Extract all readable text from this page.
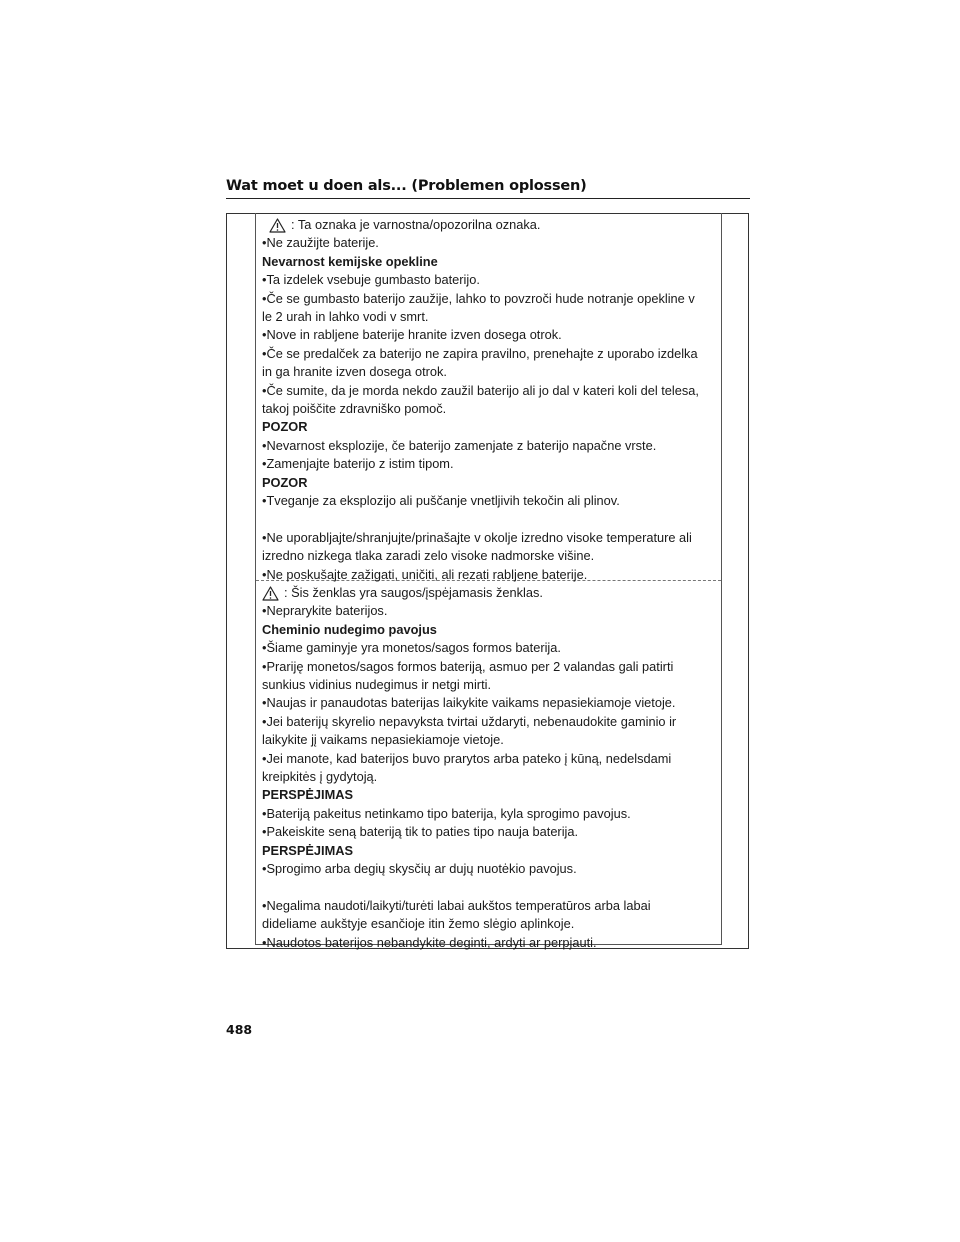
Wat moet u doen als... (Problemen oplossen)
: Ta oznaka je varnostna/opozorilna oznaka.
•Ne zaužijte baterije.
Nevarnost kemijske opekline
•Ta izdelek vsebuje gumbasto baterijo.
•Če se gumbasto baterijo zaužije, lahko to povzroči hude notranje opekline v
le 2 urah in lahko vodi v smrt.
•Nove in rabljene baterije hranite izven dosega otrok.
•Če se predalček za baterijo ne zapira pravilno, prenehajte z uporabo izdelka
in ga hranite izven dosega otrok.
•Če sumite, da je morda nekdo zaužil baterijo ali jo dal v kateri koli del telesa,
takoj poiščite zdravniško pomoč.
POZOR
•Nevarnost eksplozije, če baterijo zamenjate z baterijo napačne vrste.
•Zamenjajte baterijo z istim tipom.
POZOR
•Tveganje za eksplozijo ali puščanje vnetljivih tekočin ali plinov.
•Ne uporabljajte/shranjujte/prinašajte v okolje izredno visoke temperature ali
izredno nizkega tlaka zaradi zelo visoke nadmorske višine.
•Ne poskušajte zažigati, uničiti, ali rezati rabljene baterije.
: Šis ženklas yra saugos/įspėjamasis ženklas.
•Neprarykite baterijos.
Cheminio nudegimo pavojus
•Šiame gaminyje yra monetos/sagos formos baterija.
•Prariję monetos/sagos formos bateriją, asmuo per 2 valandas gali patirti
sunkius vidinius nudegimus ir netgi mirti.
•Naujas ir panaudotas baterijas laikykite vaikams nepasiekiamoje vietoje.
•Jei baterijų skyrelio nepavyksta tvirtai uždaryti, nebenaudokite gaminio ir
laikykite jį vaikams nepasiekiamoje vietoje.
•Jei manote, kad baterijos buvo prarytos arba pateko į kūną, nedelsdami
kreipkitės į gydytoją.
PERSPĖJIMAS
•Bateriją pakeitus netinkamo tipo baterija, kyla sprogimo pavojus.
•Pakeiskite seną bateriją tik to paties tipo nauja baterija.
PERSPĖJIMAS
•Sprogimo arba degių skysčių ar dujų nuotėkio pavojus.
•Negalima naudoti/laikyti/turėti labai aukštos temperatūros arba labai
dideliame aukštyje esančioje itin žemo slėgio aplinkoje.
•Naudotos baterijos nebandykite deginti, ardyti ar perpjauti.
488
